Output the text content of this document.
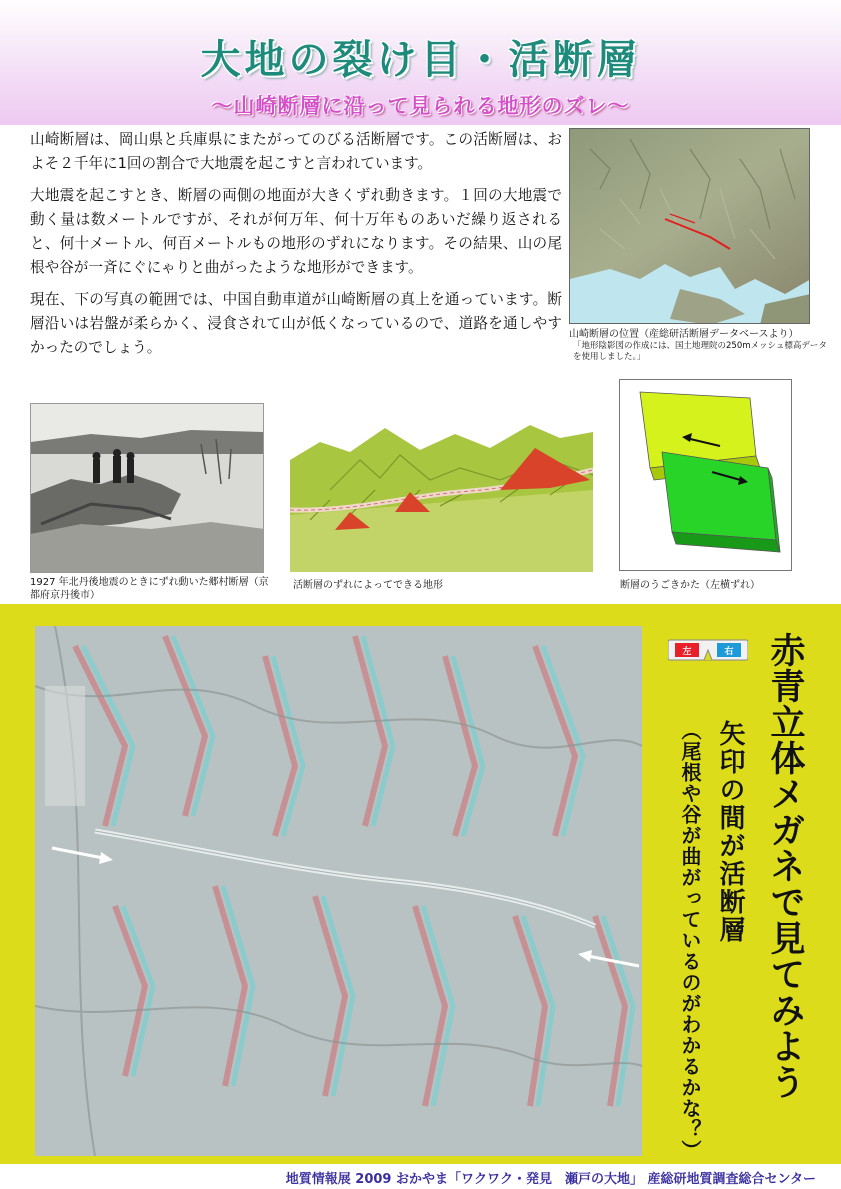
大地の裂け目・活断層
〜山崎断層に沿って見られる地形のズレ〜

山崎断層は、岡山県と兵庫県にまたがってのびる活断層です。この活断層は、およそ２千年に1回の割合で大地震を起こすと言われています。

大地震を起こすとき、断層の両側の地面が大きくずれ動きます。１回の大地震で動く量は数メートルですが、それが何万年、何十万年ものあいだ繰り返されると、何十メートル、何百メートルもの地形のずれになります。その結果、山の尾根や谷が一斉にぐにゃりと曲がったような地形ができます。

現在、下の写真の範囲では、中国自動車道が山崎断層の真上を通っています。断層沿いは岩盤が柔らかく、浸食されて山が低くなっているので、道路を通しやすかったのでしょう。

山崎断層の位置（産総研活断層データベースより）
「地形陰影図の作成には、国土地理院の250mメッシュ標高データを使用しました。」
1927 年北丹後地震のときにずれ動いた郷村断層（京都府京丹後市）
活断層のずれによってできる地形	断層のうごきかた（左横ずれ）
左	右 赤青立体メガネで見てみよう
矢印の間が活断層
（尾根や谷が曲がっているのがわかるかな？）
地質情報展 2009 おかやま「ワクワク・発見　瀬戸の大地」 産総研地質調査総合センター
